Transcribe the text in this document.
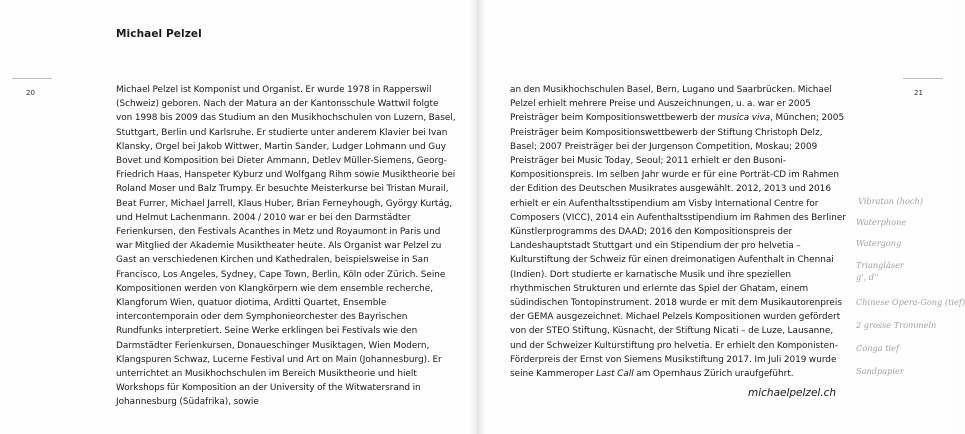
Michael Pelzel
20	21

Michael Pelzel ist Komponist und Organist. Er wurde 1978 in Rapperswil (Schweiz) geboren. Nach der Matura an der Kantonsschule Wattwil folgte von 1998 bis 2009 das Studium an den Musikhochschulen von Luzern, Basel, Stuttgart, Berlin und Karlsruhe. Er studierte unter anderem Klavier bei Ivan Klansky, Orgel bei Jakob Wittwer, Martin Sander, Ludger Lohmann und Guy Bovet und Komposition bei Dieter Ammann, Detlev Müller-Siemens, Georg-Friedrich Haas, Hanspeter Kyburz und Wolfgang Rihm sowie Musiktheorie bei Roland Moser und Balz Trumpy. Er besuchte Meisterkurse bei Tristan Murail, Beat Furrer, Michael Jarrell, Klaus Huber, Brian Ferneyhough, György Kurtág, und Helmut Lachenmann. 2004 / 2010 war er bei den Darmstädter Ferienkursen, den Festivals Acanthes in Metz und Royaumont in Paris und war Mitglied der Akademie Musiktheater heute. Als Organist war Pelzel zu Gast an verschiedenen Kirchen und Kathedralen, beispielsweise in San Francisco, Los Angeles, Sydney, Cape Town, Berlin, Köln oder Zürich. Seine Kompositionen werden von Klangkörpern wie dem ensemble recherche, Klangforum Wien, quatuor diotima, Arditti Quartet, Ensemble intercontemporain oder dem Symphonieorchester des Bayrischen Rundfunks interpretiert. Seine Werke erklingen bei Festivals wie den Darmstädter Ferienkursen, Donaueschinger Musiktagen, Wien Modern, Klangspuren Schwaz, Lucerne Festival und Art on Main (Johannesburg). Er unterrichtet an Musikhochschulen im Bereich Musiktheorie und hielt Workshops für Komposition an der University of the Witwatersrand in Johannesburg (Südafrika), sowie

an den Musikhochschulen Basel, Bern, Lugano und Saarbrücken. Michael Pelzel erhielt mehrere Preise und Auszeichnungen, u. a. war er 2005 Preisträger beim Kompositionswettbewerb der musica viva, München; 2005 Preisträger beim Kompositionswettbewerb der Stiftung Christoph Delz, Basel; 2007 Preisträger bei der Jurgenson Competition, Moskau; 2009 Preisträger bei Music Today, Seoul; 2011 erhielt er den Busoni-Kompositionspreis. Im selben Jahr wurde er für eine Porträt-CD im Rahmen der Edition des Deutschen Musikrates ausgewählt. 2012, 2013 und 2016 erhielt er ein Aufenthaltsstipendium am Visby International Centre for Composers (VICC), 2014 ein Aufenthaltsstipendium im Rahmen des Berliner Künstlerprogramms des DAAD; 2016 den Kompositionspreis der Landeshauptstadt Stuttgart und ein Stipendium der pro helvetia – Kulturstiftung der Schweiz für einen dreimonatigen Aufenthalt in Chennai (Indien). Dort studierte er karnatische Musik und ihre speziellen rhythmischen Strukturen und erlernte das Spiel der Ghatam, einem südindischen Tontopinstrument. 2018 wurde er mit dem Musikautorenpreis der GEMA ausgezeichnet. Michael Pelzels Kompositionen wurden gefördert von der STEO Stiftung, Küsnacht, der Stiftung Nicati – de Luze, Lausanne, und der Schweizer Kulturstiftung pro helvetia. Er erhielt den Komponisten-Förderpreis der Ernst von Siemens Musikstiftung 2017. Im Juli 2019 wurde seine Kammeroper Last Call am Opernhaus Zürich uraufgeführt.

michaelpelzel.ch
Vibraton (hoch)
Waterphone
Watergong
Triangläser
g', d''
Chinese Opera-Gong (tief)
2 grosse Trommeln
Conga tief
Sandpapier
